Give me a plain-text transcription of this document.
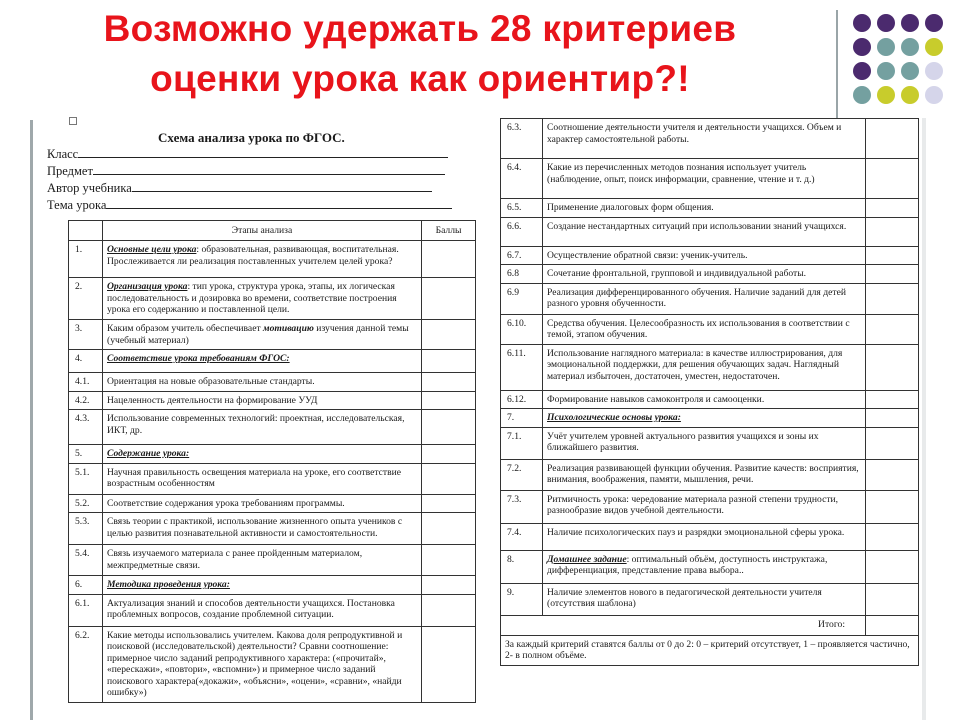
Возможно удержать 28 критериев
оценки урока как ориентир?!
Схема анализа урока по ФГОС.
Класс
Предмет
Автор учебника
Тема урока
	Этапы анализа	Баллы
1.	Основные цели урока: образовательная, развивающая, воспитательная. Прослеживается ли реализация поставленных учителем целей урока?	
2.	Организация урока: тип урока, структура урока, этапы, их логическая последовательность и дозировка во времени, соответствие построения урока его содержанию и поставленной цели.	
3.	Каким образом учитель обеспечивает мотивацию изучения данной темы (учебный материал)	
4.	Соответствие урока требованиям ФГОС:	
4.1.	Ориентация на новые образовательные стандарты.	
4.2.	Нацеленность деятельности на формирование УУД	
4.3.	Использование современных технологий: проектная, исследовательская, ИКТ, др.	
5.	Содержание урока:	
5.1.	Научная правильность освещения материала на уроке, его соответствие возрастным особенностям	
5.2.	Соответствие содержания урока требованиям программы.	
5.3.	Связь теории с практикой, использование жизненного опыта учеников с целью развития познавательной активности и самостоятельности.	
5.4.	Связь изучаемого материала с ранее пройденным материалом, межпредметные связи.	
6.	Методика проведения урока:	
6.1.	Актуализация знаний и способов деятельности учащихся. Постановка проблемных вопросов, создание проблемной ситуации.	
6.2.	Какие методы использовались учителем. Какова доля репродуктивной и поисковой (исследовательской) деятельности? Сравни соотношение: примерное число заданий репродуктивного характера: («прочитай», «перескажи», «повтори», «вспомни») и примерное число заданий поискового характера(«докажи», «объясни», «оцени», «сравни», «найди ошибку»)	
6.3.	Соотношение деятельности учителя и деятельности учащихся. Объем и характер самостоятельной работы.	
6.4.	Какие из перечисленных методов познания использует учитель (наблюдение, опыт, поиск информации, сравнение, чтение и т. д.)	
6.5.	Применение диалоговых форм общения.	
6.6.	Создание нестандартных ситуаций при использовании знаний учащихся.	
6.7.	Осуществление обратной связи: ученик-учитель.	
6.8	Сочетание фронтальной, групповой и индивидуальной работы.	
6.9	Реализация дифференцированного обучения. Наличие заданий для детей разного уровня обученности.	
6.10.	Средства обучения. Целесообразность их использования в соответствии с темой, этапом обучения.	
6.11.	Использование наглядного материала: в качестве иллюстрирования, для эмоциональной поддержки, для решения обучающих задач. Наглядный материал избыточен, достаточен, уместен, недостаточен.	
6.12.	Формирование навыков самоконтроля и самооценки.	
7.	Психологические основы урока:	
7.1.	Учёт учителем уровней актуального развития учащихся и зоны их ближайшего развития.	
7.2.	Реализация развивающей функции обучения. Развитие качеств: восприятия, внимания, воображения, памяти, мышления, речи.	
7.3.	Ритмичность урока: чередование материала разной степени трудности, разнообразие видов учебной деятельности.	
7.4.	Наличие психологических пауз и разрядки эмоциональной сферы урока.	
8.	Домашнее задание: оптимальный объём, доступность инструктажа, дифференциация, представление права выбора..	
9.	Наличие элементов нового в педагогической деятельности учителя (отсутствия шаблона)	
Итого:		
За каждый критерий ставятся баллы от 0 до 2: 0 – критерий отсутствует, 1 – проявляется частично, 2- в полном объёме.		
